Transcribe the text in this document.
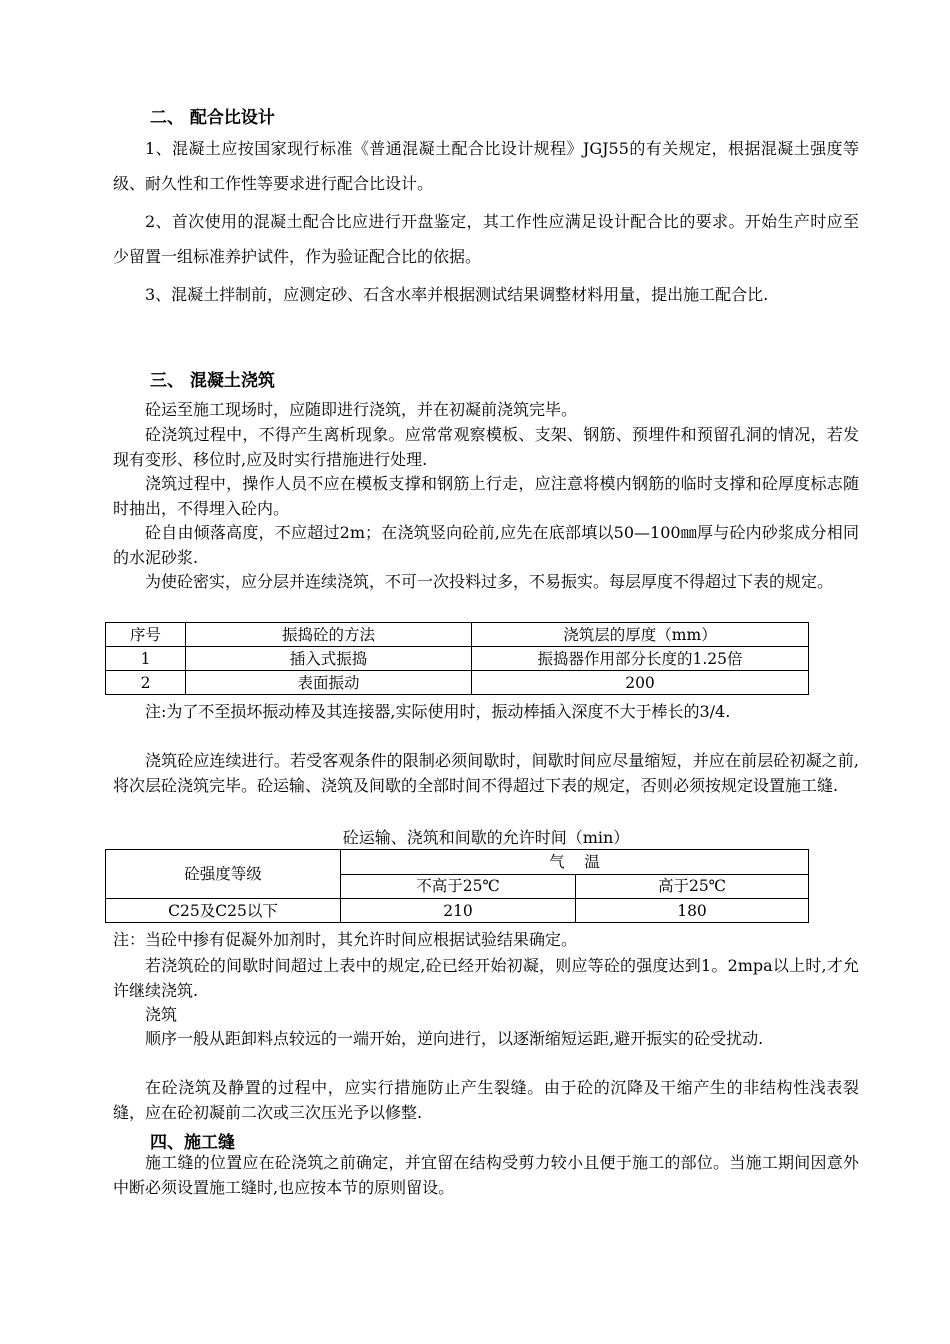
二、 配合比设计

1、混凝土应按国家现行标准《普通混凝土配合比设计规程》JGJ55的有关规定，根据混凝土强度等级、耐久性和工作性等要求进行配合比设计。

2、首次使用的混凝土配合比应进行开盘鉴定，其工作性应满足设计配合比的要求。开始生产时应至少留置一组标准养护试件，作为验证配合比的依据。

3、混凝土拌制前，应测定砂、石含水率并根据测试结果调整材料用量，提出施工配合比.

三、 混凝土浇筑

砼运至施工现场时，应随即进行浇筑，并在初凝前浇筑完毕。

砼浇筑过程中，不得产生离析现象。应常常观察模板、支架、钢筋、预埋件和预留孔洞的情况，若发现有变形、移位时,应及时实行措施进行处理.

浇筑过程中，操作人员不应在模板支撑和钢筋上行走，应注意将模内钢筋的临时支撑和砼厚度标志随时抽出，不得埋入砼内。

砼自由倾落高度，不应超过2m；在浇筑竖向砼前,应先在底部填以50—100㎜厚与砼内砂浆成分相同的水泥砂浆.

为使砼密实，应分层并连续浇筑，不可一次投料过多，不易振实。每层厚度不得超过下表的规定。

序号	振捣砼的方法	浇筑层的厚度（mm）
1	插入式振捣	振捣器作用部分长度的1.25倍
2	表面振动	200

注:为了不至损坏振动棒及其连接器,实际使用时，振动棒插入深度不大于棒长的3/4.

浇筑砼应连续进行。若受客观条件的限制必须间歇时，间歇时间应尽量缩短，并应在前层砼初凝之前,将次层砼浇筑完毕。砼运输、浇筑及间歇的全部时间不得超过下表的规定，否则必须按规定设置施工缝.

砼运输、浇筑和间歇的允许时间（min）
砼强度等级	气    温	
	不高于25℃	高于25℃
C25及C25以下	210	180

注：当砼中掺有促凝外加剂时，其允许时间应根据试验结果确定。

若浇筑砼的间歇时间超过上表中的规定,砼已经开始初凝，则应等砼的强度达到1。2mpa以上时,才允许继续浇筑.

浇筑

顺序一般从距卸料点较远的一端开始，逆向进行，以逐渐缩短运距,避开振实的砼受扰动.

在砼浇筑及静置的过程中，应实行措施防止产生裂缝。由于砼的沉降及干缩产生的非结构性浅表裂缝，应在砼初凝前二次或三次压光予以修整.

四、施工缝

施工缝的位置应在砼浇筑之前确定，并宜留在结构受剪力较小且便于施工的部位。当施工期间因意外中断必须设置施工缝时,也应按本节的原则留设。
